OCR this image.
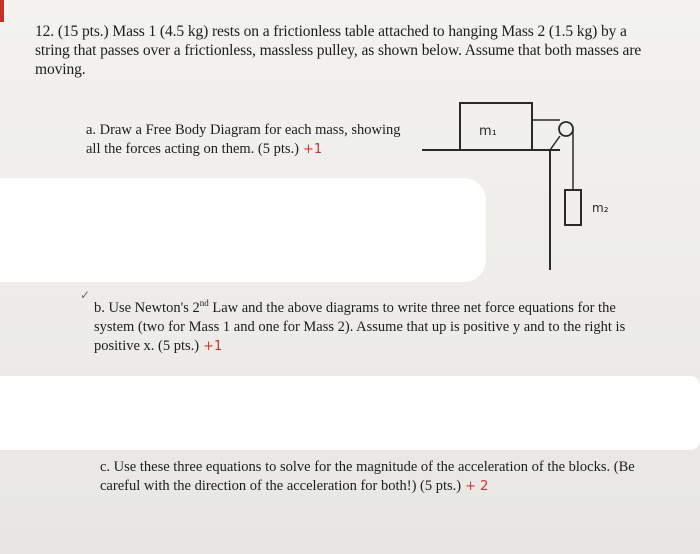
12. (15 pts.) Mass 1 (4.5 kg) rests on a frictionless table attached to hanging Mass 2 (1.5 kg) by a string that passes over a frictionless, massless pulley, as shown below. Assume that both masses are moving.
a. Draw a Free Body Diagram for each mass, showing all the forces acting on them. (5 pts.) +1
m₁
m₂
✓
b. Use Newton's 2nd Law and the above diagrams to write three net force equations for the system (two for Mass 1 and one for Mass 2). Assume that up is positive y and to the right is positive x. (5 pts.) +1
c. Use these three equations to solve for the magnitude of the acceleration of the blocks. (Be careful with the direction of the acceleration for both!) (5 pts.) + 2
